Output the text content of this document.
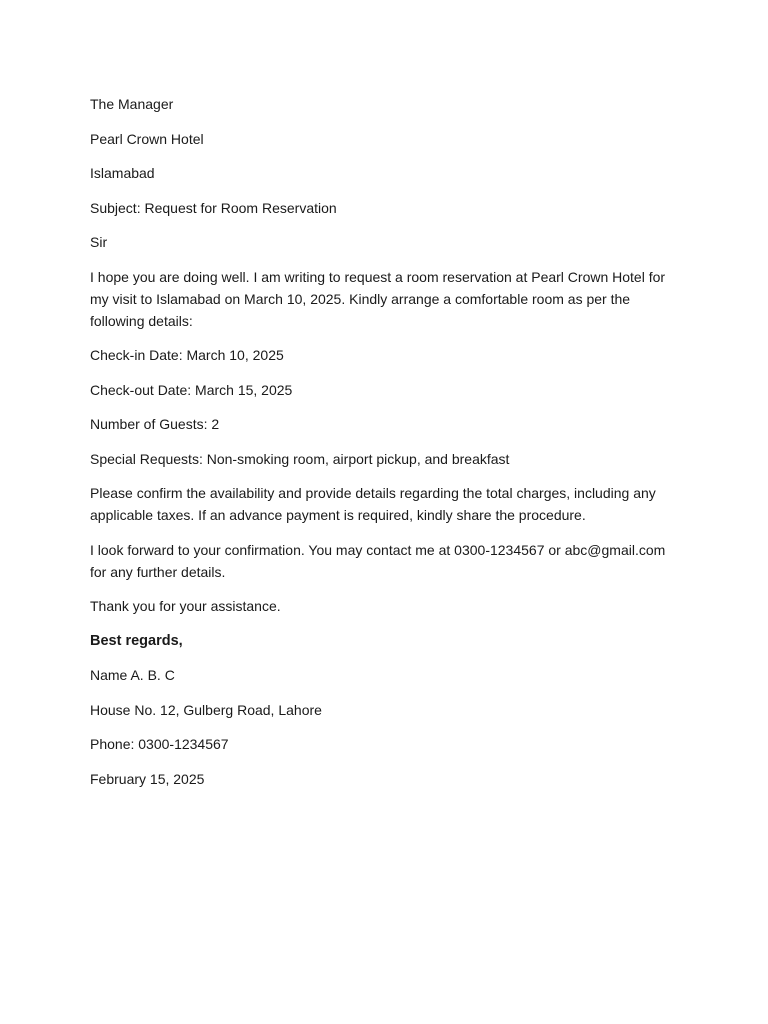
The Manager

Pearl Crown Hotel

Islamabad

Subject: Request for Room Reservation

Sir

I hope you are doing well. I am writing to request a room reservation at Pearl Crown Hotel for my visit to Islamabad on March 10, 2025. Kindly arrange a comfortable room as per the following details:

Check-in Date: March 10, 2025

Check-out Date: March 15, 2025

Number of Guests: 2

Special Requests: Non-smoking room, airport pickup, and breakfast

Please confirm the availability and provide details regarding the total charges, including any applicable taxes. If an advance payment is required, kindly share the procedure.

I look forward to your confirmation. You may contact me at 0300-1234567 or abc@gmail.com for any further details.

Thank you for your assistance.

Best regards,

Name A. B. C

House No. 12, Gulberg Road, Lahore

Phone: 0300-1234567

February 15, 2025
